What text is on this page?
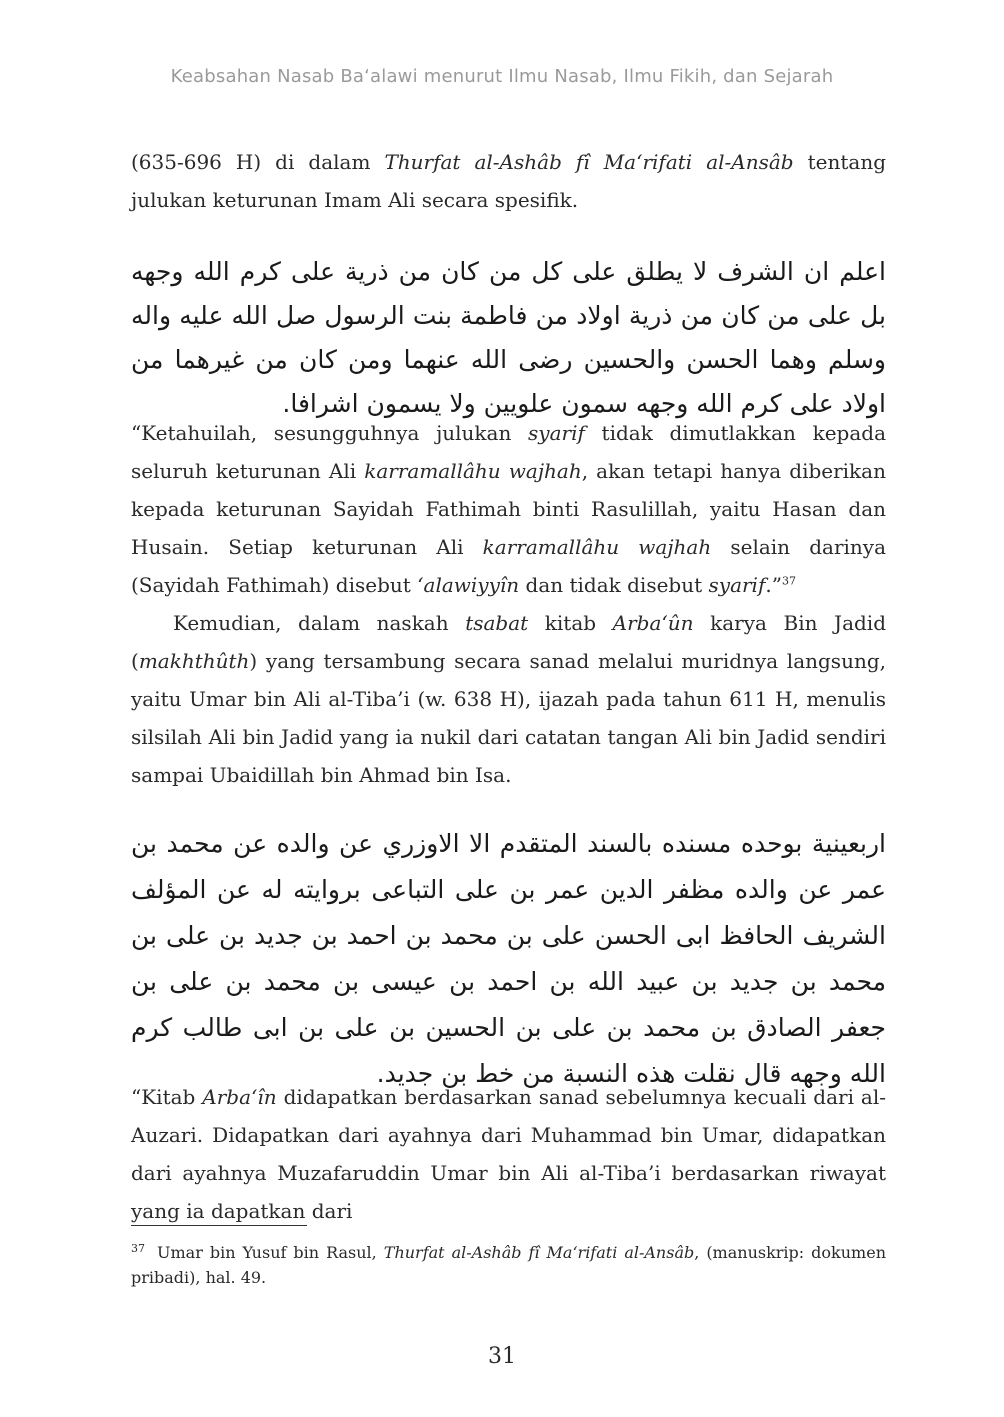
Keabsahan Nasab Ba‘alawi menurut Ilmu Nasab, Ilmu Fikih, dan Sejarah
(635-696 H) di dalam Thurfat al-Ashâb fî Ma‘rifati al-Ansâb tentang julukan keturunan Imam Ali secara spesifik.
اعلم ان الشرف لا يطلق على كل من كان من ذرية على كرم الله وجهه بل على من كان من ذرية اولاد من فاطمة بنت الرسول صل الله عليه واله وسلم وهما الحسن والحسين رضى الله عنهما ومن كان من غيرهما من اولاد على كرم الله وجهه سمون علويين ولا يسمون اشرافا.

“Ketahuilah, sesungguhnya julukan syarif tidak dimutlakkan kepada seluruh keturunan Ali karramallâhu wajhah, akan tetapi hanya diberikan kepada keturunan Sayidah Fathimah binti Rasulillah, yaitu Hasan dan Husain. Setiap keturunan Ali karramallâhu wajhah selain darinya (Sayidah Fathimah) disebut ‘alawiyyîn dan tidak disebut syarif.”$^{37}$

Kemudian, dalam naskah tsabat kitab Arba‘ûn karya Bin Jadid (makhthûth) yang tersambung secara sanad melalui muridnya langsung, yaitu Umar bin Ali al-Tiba’i (w. 638 H), ijazah pada tahun 611 H, menulis silsilah Ali bin Jadid yang ia nukil dari catatan tangan Ali bin Jadid sendiri sampai Ubaidillah bin Ahmad bin Isa.

اربعينية بوحده مسنده بالسند المتقدم الا الاوزري عن والده عن محمد بن عمر عن والده مظفر الدين عمر بن على التباعى بروايته له عن المؤلف الشريف الحافظ ابى الحسن على بن محمد بن احمد بن جديد بن على بن محمد بن جديد بن عبيد الله بن احمد بن عيسى بن محمد بن على بن جعفر الصادق بن محمد بن على بن الحسين بن على بن ابى طالب كرم الله وجهه قال نقلت هذه النسبة من خط بن جديد.
“Kitab Arba‘în didapatkan berdasarkan sanad sebelumnya kecuali dari al-Auzari. Didapatkan dari ayahnya dari Muhammad bin Umar, didapatkan dari ayahnya Muzafaruddin Umar bin Ali al-Tiba’i berdasarkan riwayat yang ia dapatkan dari
$^{37}$ Umar bin Yusuf bin Rasul, Thurfat al-Ashâb fî Ma‘rifati al-Ansâb, (manuskrip: dokumen pribadi), hal. 49.
31
